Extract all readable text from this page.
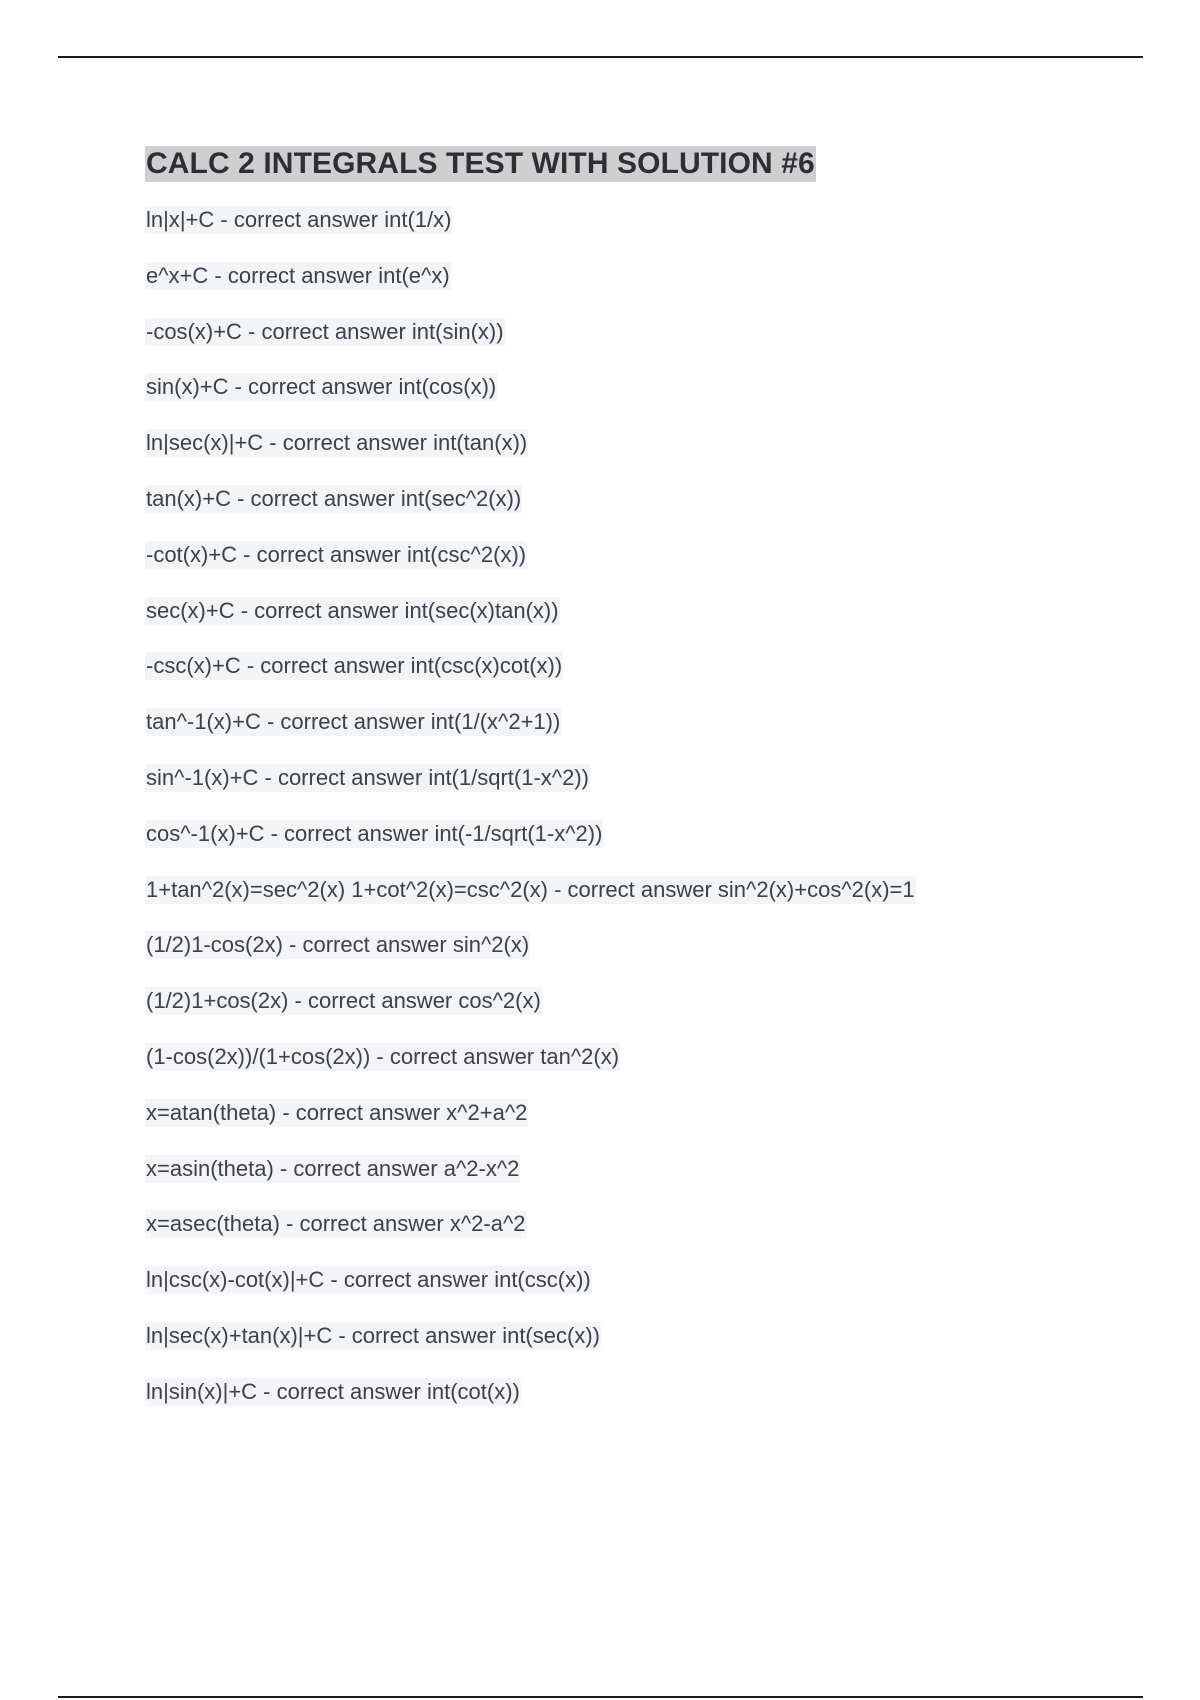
CALC 2 INTEGRALS TEST WITH SOLUTION #6
ln|x|+C - correct answer int(1/x)
e^x+C - correct answer int(e^x)
-cos(x)+C - correct answer int(sin(x))
sin(x)+C - correct answer int(cos(x))
ln|sec(x)|+C - correct answer int(tan(x))
tan(x)+C - correct answer int(sec^2(x))
-cot(x)+C - correct answer int(csc^2(x))
sec(x)+C - correct answer int(sec(x)tan(x))
-csc(x)+C - correct answer int(csc(x)cot(x))
tan^-1(x)+C - correct answer int(1/(x^2+1))
sin^-1(x)+C - correct answer int(1/sqrt(1-x^2))
cos^-1(x)+C - correct answer int(-1/sqrt(1-x^2))
1+tan^2(x)=sec^2(x) 1+cot^2(x)=csc^2(x) - correct answer sin^2(x)+cos^2(x)=1
(1/2)1-cos(2x) - correct answer sin^2(x)
(1/2)1+cos(2x) - correct answer cos^2(x)
(1-cos(2x))/(1+cos(2x)) - correct answer tan^2(x)
x=atan(theta) - correct answer x^2+a^2
x=asin(theta) - correct answer a^2-x^2
x=asec(theta) - correct answer x^2-a^2
ln|csc(x)-cot(x)|+C - correct answer int(csc(x))
ln|sec(x)+tan(x)|+C - correct answer int(sec(x))
ln|sin(x)|+C - correct answer int(cot(x))
